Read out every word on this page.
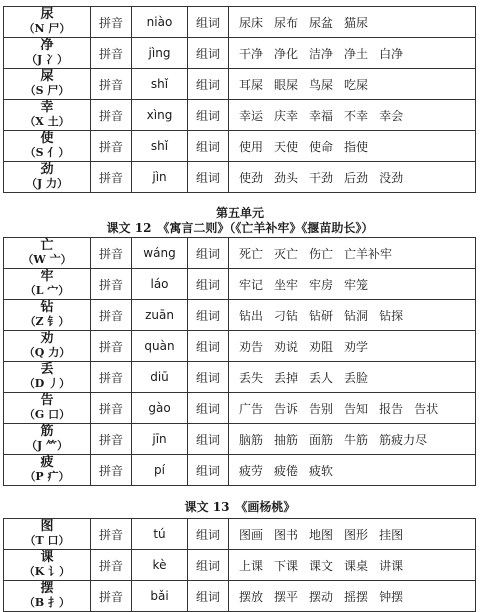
尿
（N 尸）	拼音	niào	组词	尿床 尿布 尿盆 猫尿

净
（J 冫）	拼音	jìng	组词	干净 净化 洁净 净土 白净

屎
（S 尸）	拼音	shǐ	组词	耳屎 眼屎 鸟屎 吃屎

幸
（X 土）	拼音	xìng	组词	幸运 庆幸 幸福 不幸 幸会

使
（S 亻）	拼音	shǐ	组词	使用 天使 使命 指使

劲
（J 力）	拼音	jìn	组词	使劲 劲头 干劲 后劲 没劲
第五单元
课文 12　《寓言二则》（《亡羊补牢》《揠苗助长》）
亡
（W 亠）	拼音	wáng	组词	死亡 灭亡 伤亡 亡羊补牢

牢
（L 宀）	拼音	láo	组词	牢记 坐牢 牢房 牢笼

钻
（Z 钅）	拼音	zuān	组词	钻出 刁钻 钻研 钻洞 钻探

劝
（Q 力）	拼音	quàn	组词	劝告 劝说 劝阻 劝学

丢
（D 丿）	拼音	diū	组词	丢失 丢掉 丢人 丢脸

告
（G 口）	拼音	gào	组词	广告 告诉 告别 告知 报告 告状

筋
（J ⺮）	拼音	jīn	组词	脑筋 抽筋 面筋 牛筋 筋疲力尽

疲
（P 疒）	拼音	pí	组词	疲劳 疲倦 疲软
课文 13　《画杨桃》
图
（T 口）	拼音	tú	组词	图画 图书 地图 图形 挂图

课
（K 讠）	拼音	kè	组词	上课 下课 课文 课桌 讲课

摆
（B 扌）	拼音	bǎi	组词	摆放 摆平 摆动 摇摆 钟摆
